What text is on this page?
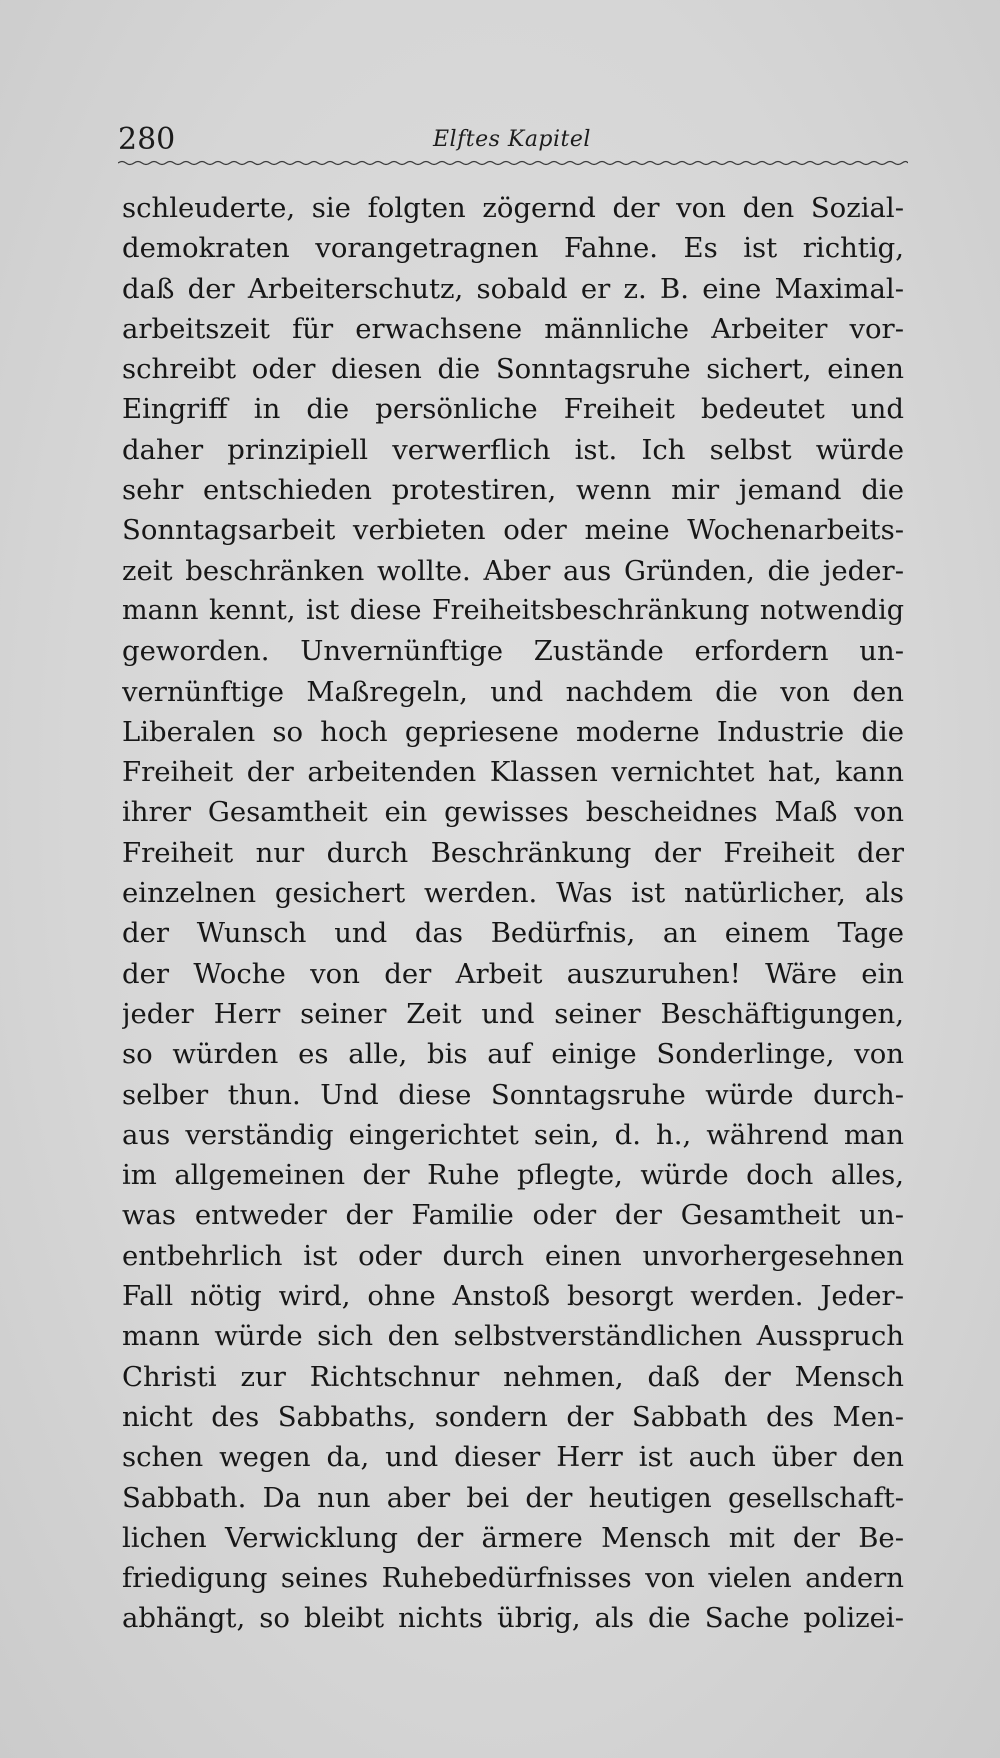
280	Elftes Kapitel
schleuderte, sie folgten zögernd der von den Sozial-
demokraten vorangetragnen Fahne. Es ist richtig,
daß der Arbeiterschutz, sobald er z. B. eine Maximal-
arbeitszeit für erwachsene männliche Arbeiter vor-
schreibt oder diesen die Sonntagsruhe sichert, einen
Eingriff in die persönliche Freiheit bedeutet und
daher prinzipiell verwerflich ist. Ich selbst würde
sehr entschieden protestiren, wenn mir jemand die
Sonntagsarbeit verbieten oder meine Wochenarbeits-
zeit beschränken wollte. Aber aus Gründen, die jeder-
mann kennt, ist diese Freiheitsbeschränkung notwendig
geworden. Unvernünftige Zustände erfordern un-
vernünftige Maßregeln, und nachdem die von den
Liberalen so hoch gepriesene moderne Industrie die
Freiheit der arbeitenden Klassen vernichtet hat, kann
ihrer Gesamtheit ein gewisses bescheidnes Maß von
Freiheit nur durch Beschränkung der Freiheit der
einzelnen gesichert werden. Was ist natürlicher, als
der Wunsch und das Bedürfnis, an einem Tage
der Woche von der Arbeit auszuruhen! Wäre ein
jeder Herr seiner Zeit und seiner Beschäftigungen,
so würden es alle, bis auf einige Sonderlinge, von
selber thun. Und diese Sonntagsruhe würde durch-
aus verständig eingerichtet sein, d. h., während man
im allgemeinen der Ruhe pflegte, würde doch alles,
was entweder der Familie oder der Gesamtheit un-
entbehrlich ist oder durch einen unvorhergesehnen
Fall nötig wird, ohne Anstoß besorgt werden. Jeder-
mann würde sich den selbstverständlichen Ausspruch
Christi zur Richtschnur nehmen, daß der Mensch
nicht des Sabbaths, sondern der Sabbath des Men-
schen wegen da, und dieser Herr ist auch über den
Sabbath. Da nun aber bei der heutigen gesellschaft-
lichen Verwicklung der ärmere Mensch mit der Be-
friedigung seines Ruhebedürfnisses von vielen andern
abhängt, so bleibt nichts übrig, als die Sache polizei-
